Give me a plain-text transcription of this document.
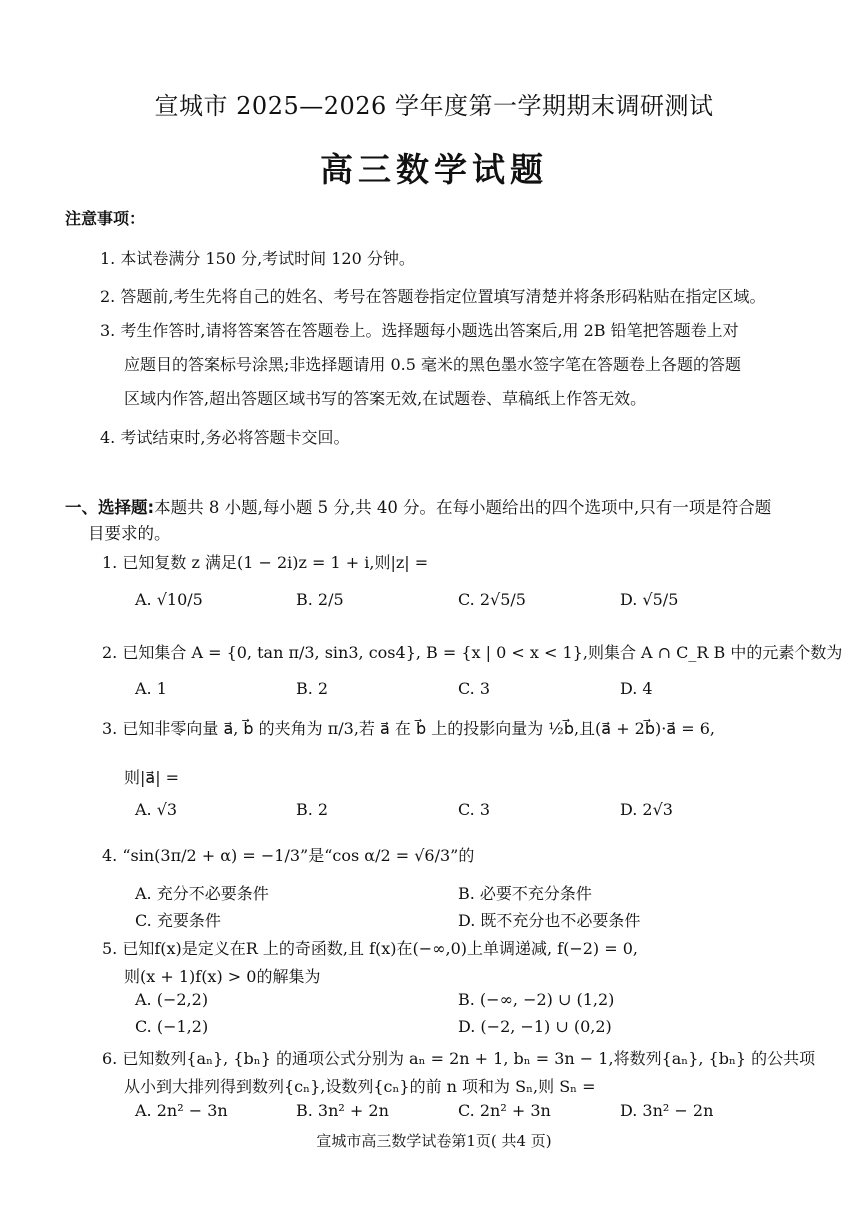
宣城市 2025—2026 学年度第一学期期末调研测试
高三数学试题
注意事项：
1. 本试卷满分 150 分,考试时间 120 分钟。
2. 答题前,考生先将自己的姓名、考号在答题卷指定位置填写清楚并将条形码粘贴在指定区域。
3. 考生作答时,请将答案答在答题卷上。选择题每小题选出答案后,用 2B 铅笔把答题卷上对
应题目的答案标号涂黑;非选择题请用 0.5 毫米的黑色墨水签字笔在答题卷上各题的答题
区域内作答,超出答题区域书写的答案无效,在试题卷、草稿纸上作答无效。
4. 考试结束时,务必将答题卡交回。
一、选择题:本题共 8 小题,每小题 5 分,共 40 分。在每小题给出的四个选项中,只有一项是符合题
目要求的。
1. 已知复数 z 满足(1 − 2i)z = 1 + i,则|z| =
A. √10/5	B. 2/5	C. 2√5/5	D. √5/5
2. 已知集合 A = {0, tan π/3, sin3, cos4}, B = {x | 0 < x < 1},则集合 A ∩ C_R B 中的元素个数为
A. 1	B. 2	C. 3	D. 4
3. 已知非零向量 a⃗, b⃗ 的夹角为 π/3,若 a⃗ 在 b⃗ 上的投影向量为 ½b⃗,且(a⃗ + 2b⃗)·a⃗ = 6,
则|a⃗| =
A. √3	B. 2	C. 3	D. 2√3
4. “sin(3π/2 + α) = −1/3”是“cos α/2 = √6/3”的
A. 充分不必要条件	B. 必要不充分条件
C. 充要条件	D. 既不充分也不必要条件
5. 已知f(x)是定义在R 上的奇函数,且 f(x)在(−∞,0)上单调递减, f(−2) = 0,
则(x + 1)f(x) > 0的解集为
A. (−2,2)	B. (−∞, −2) ∪ (1,2)
C. (−1,2)	D. (−2, −1) ∪ (0,2)
6. 已知数列{aₙ}, {bₙ} 的通项公式分别为 aₙ = 2n + 1, bₙ = 3n − 1,将数列{aₙ}, {bₙ} 的公共项
从小到大排列得到数列{cₙ},设数列{cₙ}的前 n 项和为 Sₙ,则 Sₙ =
A. 2n² − 3n	B. 3n² + 2n	C. 2n² + 3n	D. 3n² − 2n
宣城市高三数学试卷第1页( 共4 页)
